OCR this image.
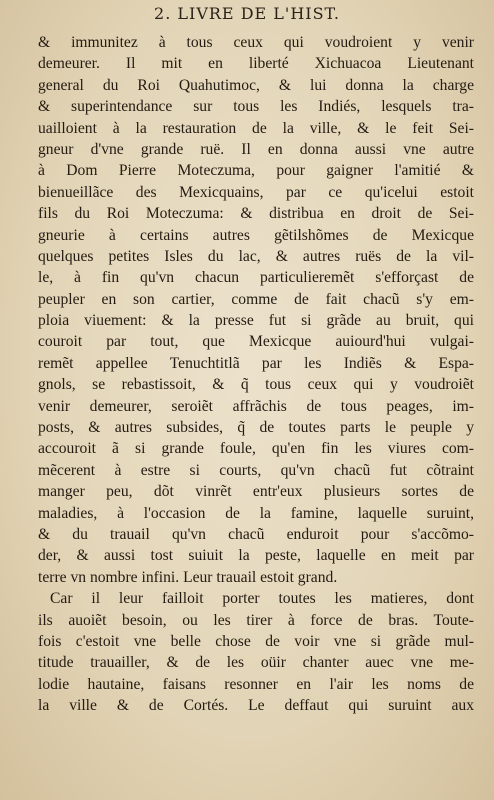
2. LIVRE DE L'HIST.
& immunitez à tous ceux qui voudroient y venir
demeurer. Il mit en liberté Xichuacoa Lieutenant
general du Roi Quahutimoc, & lui donna la charge
& superintendance sur tous les Indiés, lesquels tra-
uailloient à la restauration de la ville, & le feit Sei-
gneur d'vne grande ruë. Il en donna aussi vne autre
à Dom Pierre Moteczuma, pour gaigner l'amitié &
bienueillãce des Mexicquains, par ce qu'icelui estoit
fils du Roi Moteczuma: & distribua en droit de Sei-
gneurie à certains autres gẽtilshõmes de Mexicque
quelques petites Isles du lac, & autres ruës de la vil-
le, à fin qu'vn chacun particulieremẽt s'efforçast de
peupler en son cartier, comme de fait chacũ s'y em-
ploia viuement: & la presse fut si grãde au bruit, qui
couroit par tout, que Mexicque auiourd'hui vulgai-
remẽt appellee Tenuchtitlã par les Indiẽs & Espa-
gnols, se rebastissoit, & q̃ tous ceux qui y voudroiẽt
venir demeurer, seroiẽt affrãchis de tous peages, im-
posts, & autres subsides, q̃ de toutes parts le peuple y
accouroit ã si grande foule, qu'en fin les viures com-
mẽcerent à estre si courts, qu'vn chacũ fut cõtraint
manger peu, dõt vinrẽt entr'eux plusieurs sortes de
maladies, à l'occasion de la famine, laquelle suruint,
& du trauail qu'vn chacũ enduroit pour s'accõmo-
der, & aussi tost suiuit la peste, laquelle en meit par
terre vn nombre infini. Leur trauail estoit grand.
Car il leur failloit porter toutes les matieres, dont
ils auoiẽt besoin, ou les tirer à force de bras. Toute-
fois c'estoit vne belle chose de voir vne si grãde mul-
titude trauailler, & de les oüir chanter auec vne me-
lodie hautaine, faisans resonner en l'air les noms de
la ville & de Cortés. Le deffaut qui suruint aux
